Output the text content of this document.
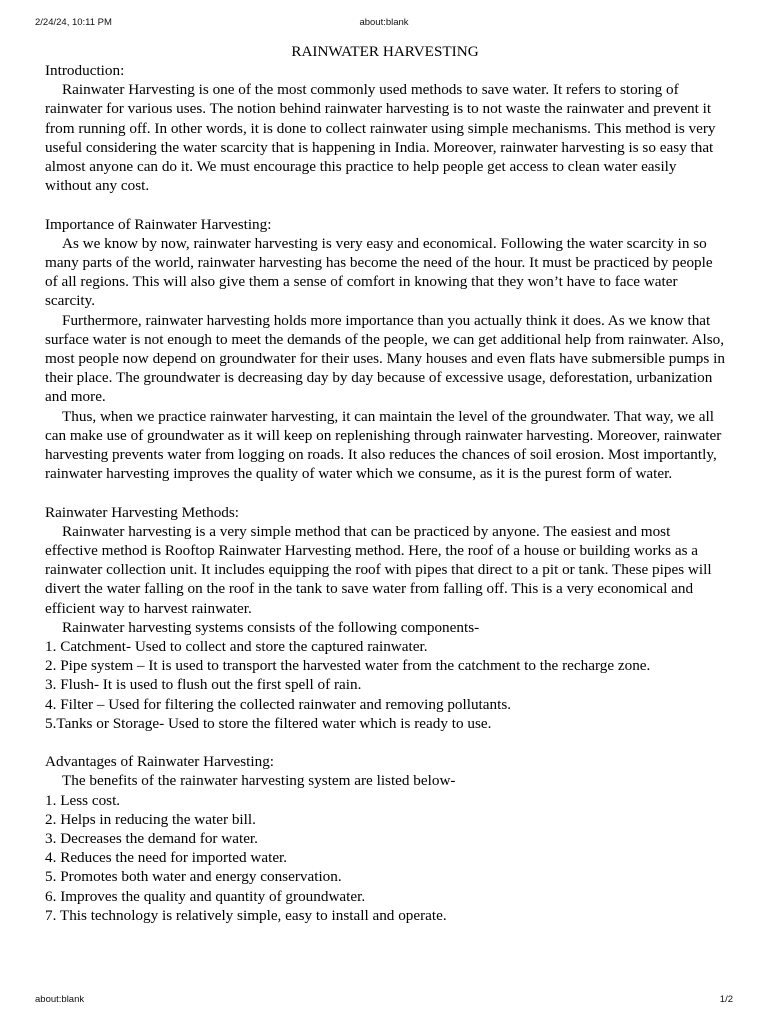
2/24/24, 10:11 PM	about:blank
RAINWATER HARVESTING

Introduction:

Rainwater Harvesting is one of the most commonly used methods to save water. It refers to storing of rainwater for various uses. The notion behind rainwater harvesting is to not waste the rainwater and prevent it from running off. In other words, it is done to collect rainwater using simple mechanisms. This method is very useful considering the water scarcity that is happening in India. Moreover, rainwater harvesting is so easy that almost anyone can do it. We must encourage this practice to help people get access to clean water easily without any cost.

Importance of Rainwater Harvesting:

As we know by now, rainwater harvesting is very easy and economical. Following the water scarcity in so many parts of the world, rainwater harvesting has become the need of the hour. It must be practiced by people of all regions. This will also give them a sense of comfort in knowing that they won’t have to face water scarcity.

Furthermore, rainwater harvesting holds more importance than you actually think it does. As we know that surface water is not enough to meet the demands of the people, we can get additional help from rainwater. Also, most people now depend on groundwater for their uses. Many houses and even flats have submersible pumps in their place. The groundwater is decreasing day by day because of excessive usage, deforestation, urbanization and more.

Thus, when we practice rainwater harvesting, it can maintain the level of the groundwater. That way, we all can make use of groundwater as it will keep on replenishing through rainwater harvesting. Moreover, rainwater harvesting prevents water from logging on roads. It also reduces the chances of soil erosion. Most importantly, rainwater harvesting improves the quality of water which we consume, as it is the purest form of water.

Rainwater Harvesting Methods:

Rainwater harvesting is a very simple method that can be practiced by anyone. The easiest and most effective method is Rooftop Rainwater Harvesting method. Here, the roof of a house or building works as a rainwater collection unit. It includes equipping the roof with pipes that direct to a pit or tank. These pipes will divert the water falling on the roof in the tank to save water from falling off. This is a very economical and efficient way to harvest rainwater.

Rainwater harvesting systems consists of the following components-

1. Catchment- Used to collect and store the captured rainwater.

2. Pipe system – It is used to transport the harvested water from the catchment to the recharge zone.

3. Flush- It is used to flush out the first spell of rain.

4. Filter – Used for filtering the collected rainwater and removing pollutants.

5.Tanks or Storage- Used to store the filtered water which is ready to use.

Advantages of Rainwater Harvesting:

The benefits of the rainwater harvesting system are listed below-

1. Less cost.

2. Helps in reducing the water bill.

3. Decreases the demand for water.

4. Reduces the need for imported water.

5. Promotes both water and energy conservation.

6. Improves the quality and quantity of groundwater.

7. This technology is relatively simple, easy to install and operate.

about:blank	1/2
